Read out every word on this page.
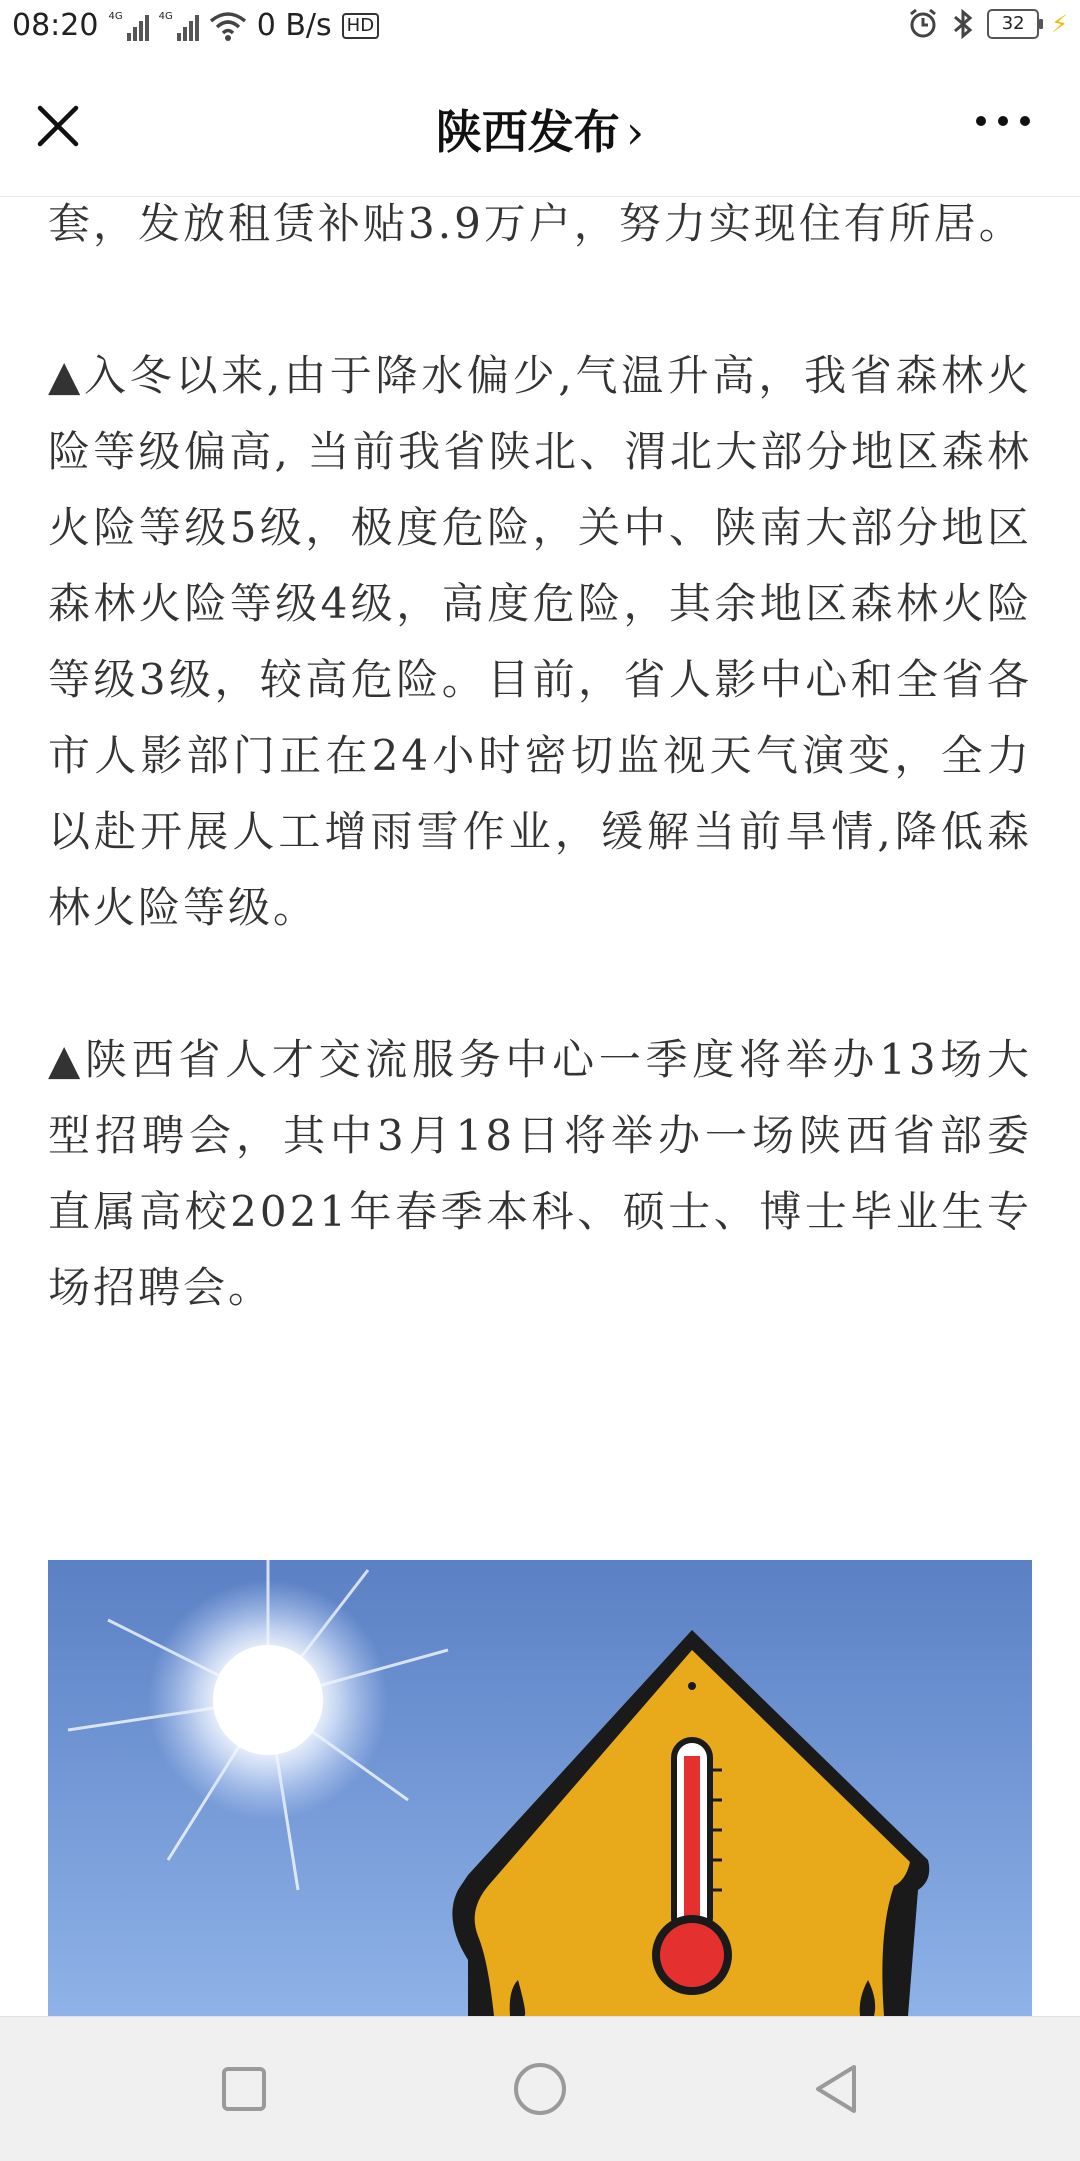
08:20 4G	4G	0 B/s HD	32	⚡
陕西发布 ›

套，发放租赁补贴3.9万户，努力实现住有所居。

▲入冬以来,由于降水偏少,气温升高，我省森林火险等级偏高, 当前我省陕北、渭北大部分地区森林火险等级5级，极度危险，关中、陕南大部分地区森林火险等级4级，高度危险，其余地区森林火险等级3级，较高危险。目前，省人影中心和全省各市人影部门正在24小时密切监视天气演变，全力以赴开展人工增雨雪作业，缓解当前旱情,降低森林火险等级。

▲陕西省人才交流服务中心一季度将举办13场大型招聘会，其中3月18日将举办一场陕西省部委直属高校2021年春季本科、硕士、博士毕业生专场招聘会。
